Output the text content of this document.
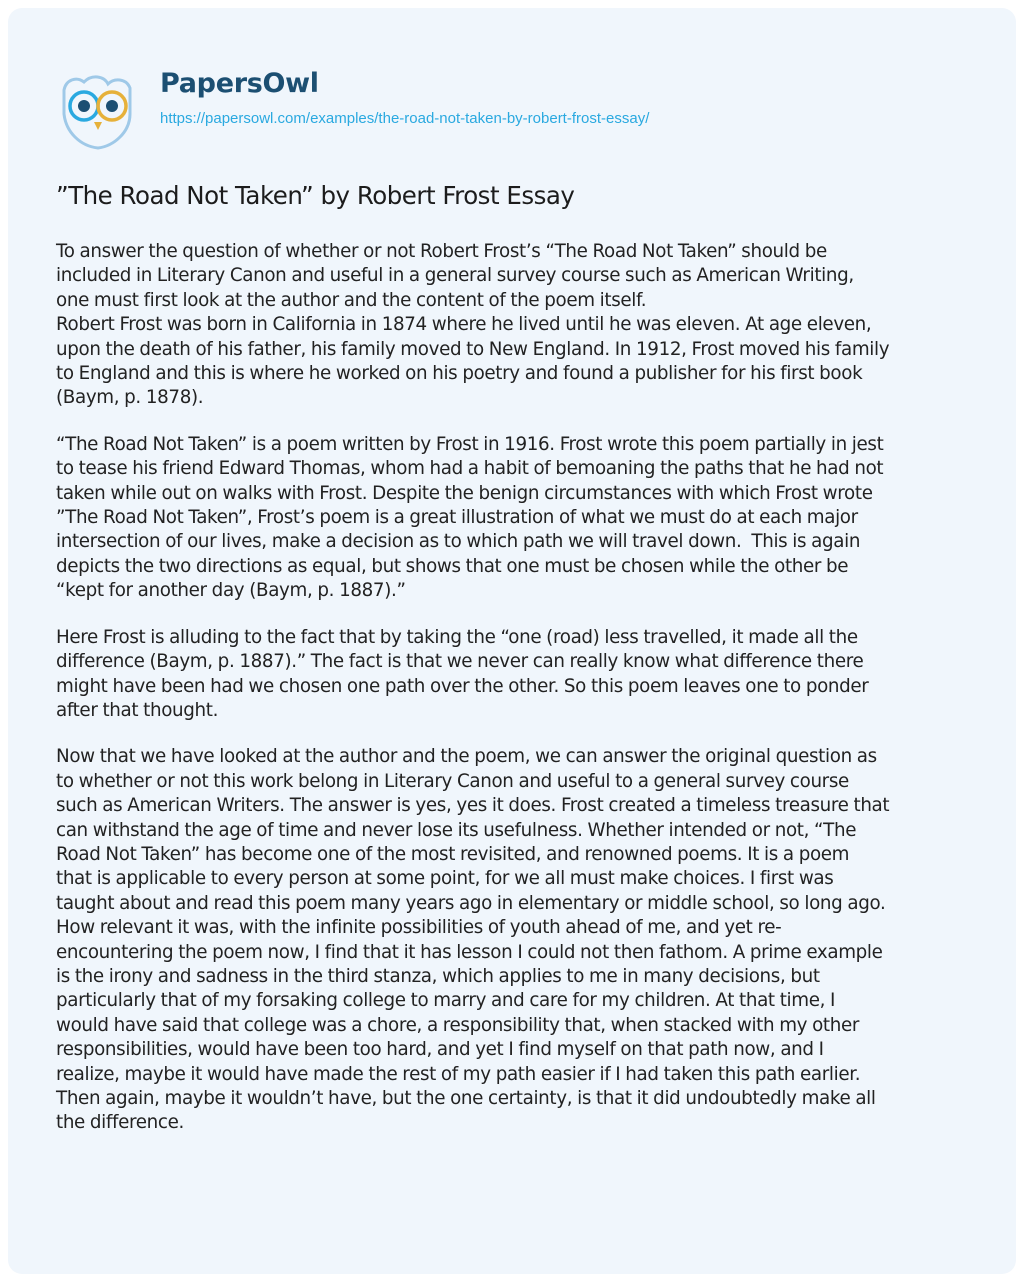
PapersOwl
https://papersowl.com/examples/the-road-not-taken-by-robert-frost-essay/
”The Road Not Taken” by Robert Frost Essay

To answer the question of whether or not Robert Frost’s “The Road Not Taken” should be
included in Literary Canon and useful in a general survey course such as American Writing,
one must first look at the author and the content of the poem itself.
Robert Frost was born in California in 1874 where he lived until he was eleven. At age eleven,
upon the death of his father, his family moved to New England. In 1912, Frost moved his family
to England and this is where he worked on his poetry and found a publisher for his first book
(Baym, p. 1878).

“The Road Not Taken” is a poem written by Frost in 1916. Frost wrote this poem partially in jest
to tease his friend Edward Thomas, whom had a habit of bemoaning the paths that he had not
taken while out on walks with Frost. Despite the benign circumstances with which Frost wrote
”The Road Not Taken”, Frost’s poem is a great illustration of what we must do at each major
intersection of our lives, make a decision as to which path we will travel down.  This is again
depicts the two directions as equal, but shows that one must be chosen while the other be
“kept for another day (Baym, p. 1887).”

Here Frost is alluding to the fact that by taking the “one (road) less travelled, it made all the
difference (Baym, p. 1887).” The fact is that we never can really know what difference there
might have been had we chosen one path over the other. So this poem leaves one to ponder
after that thought.

Now that we have looked at the author and the poem, we can answer the original question as
to whether or not this work belong in Literary Canon and useful to a general survey course
such as American Writers. The answer is yes, yes it does. Frost created a timeless treasure that
can withstand the age of time and never lose its usefulness. Whether intended or not, “The
Road Not Taken” has become one of the most revisited, and renowned poems. It is a poem
that is applicable to every person at some point, for we all must make choices. I first was
taught about and read this poem many years ago in elementary or middle school, so long ago.
How relevant it was, with the infinite possibilities of youth ahead of me, and yet re-
encountering the poem now, I find that it has lesson I could not then fathom. A prime example
is the irony and sadness in the third stanza, which applies to me in many decisions, but
particularly that of my forsaking college to marry and care for my children. At that time, I
would have said that college was a chore, a responsibility that, when stacked with my other
responsibilities, would have been too hard, and yet I find myself on that path now, and I
realize, maybe it would have made the rest of my path easier if I had taken this path earlier.
Then again, maybe it wouldn’t have, but the one certainty, is that it did undoubtedly make all
the difference.
